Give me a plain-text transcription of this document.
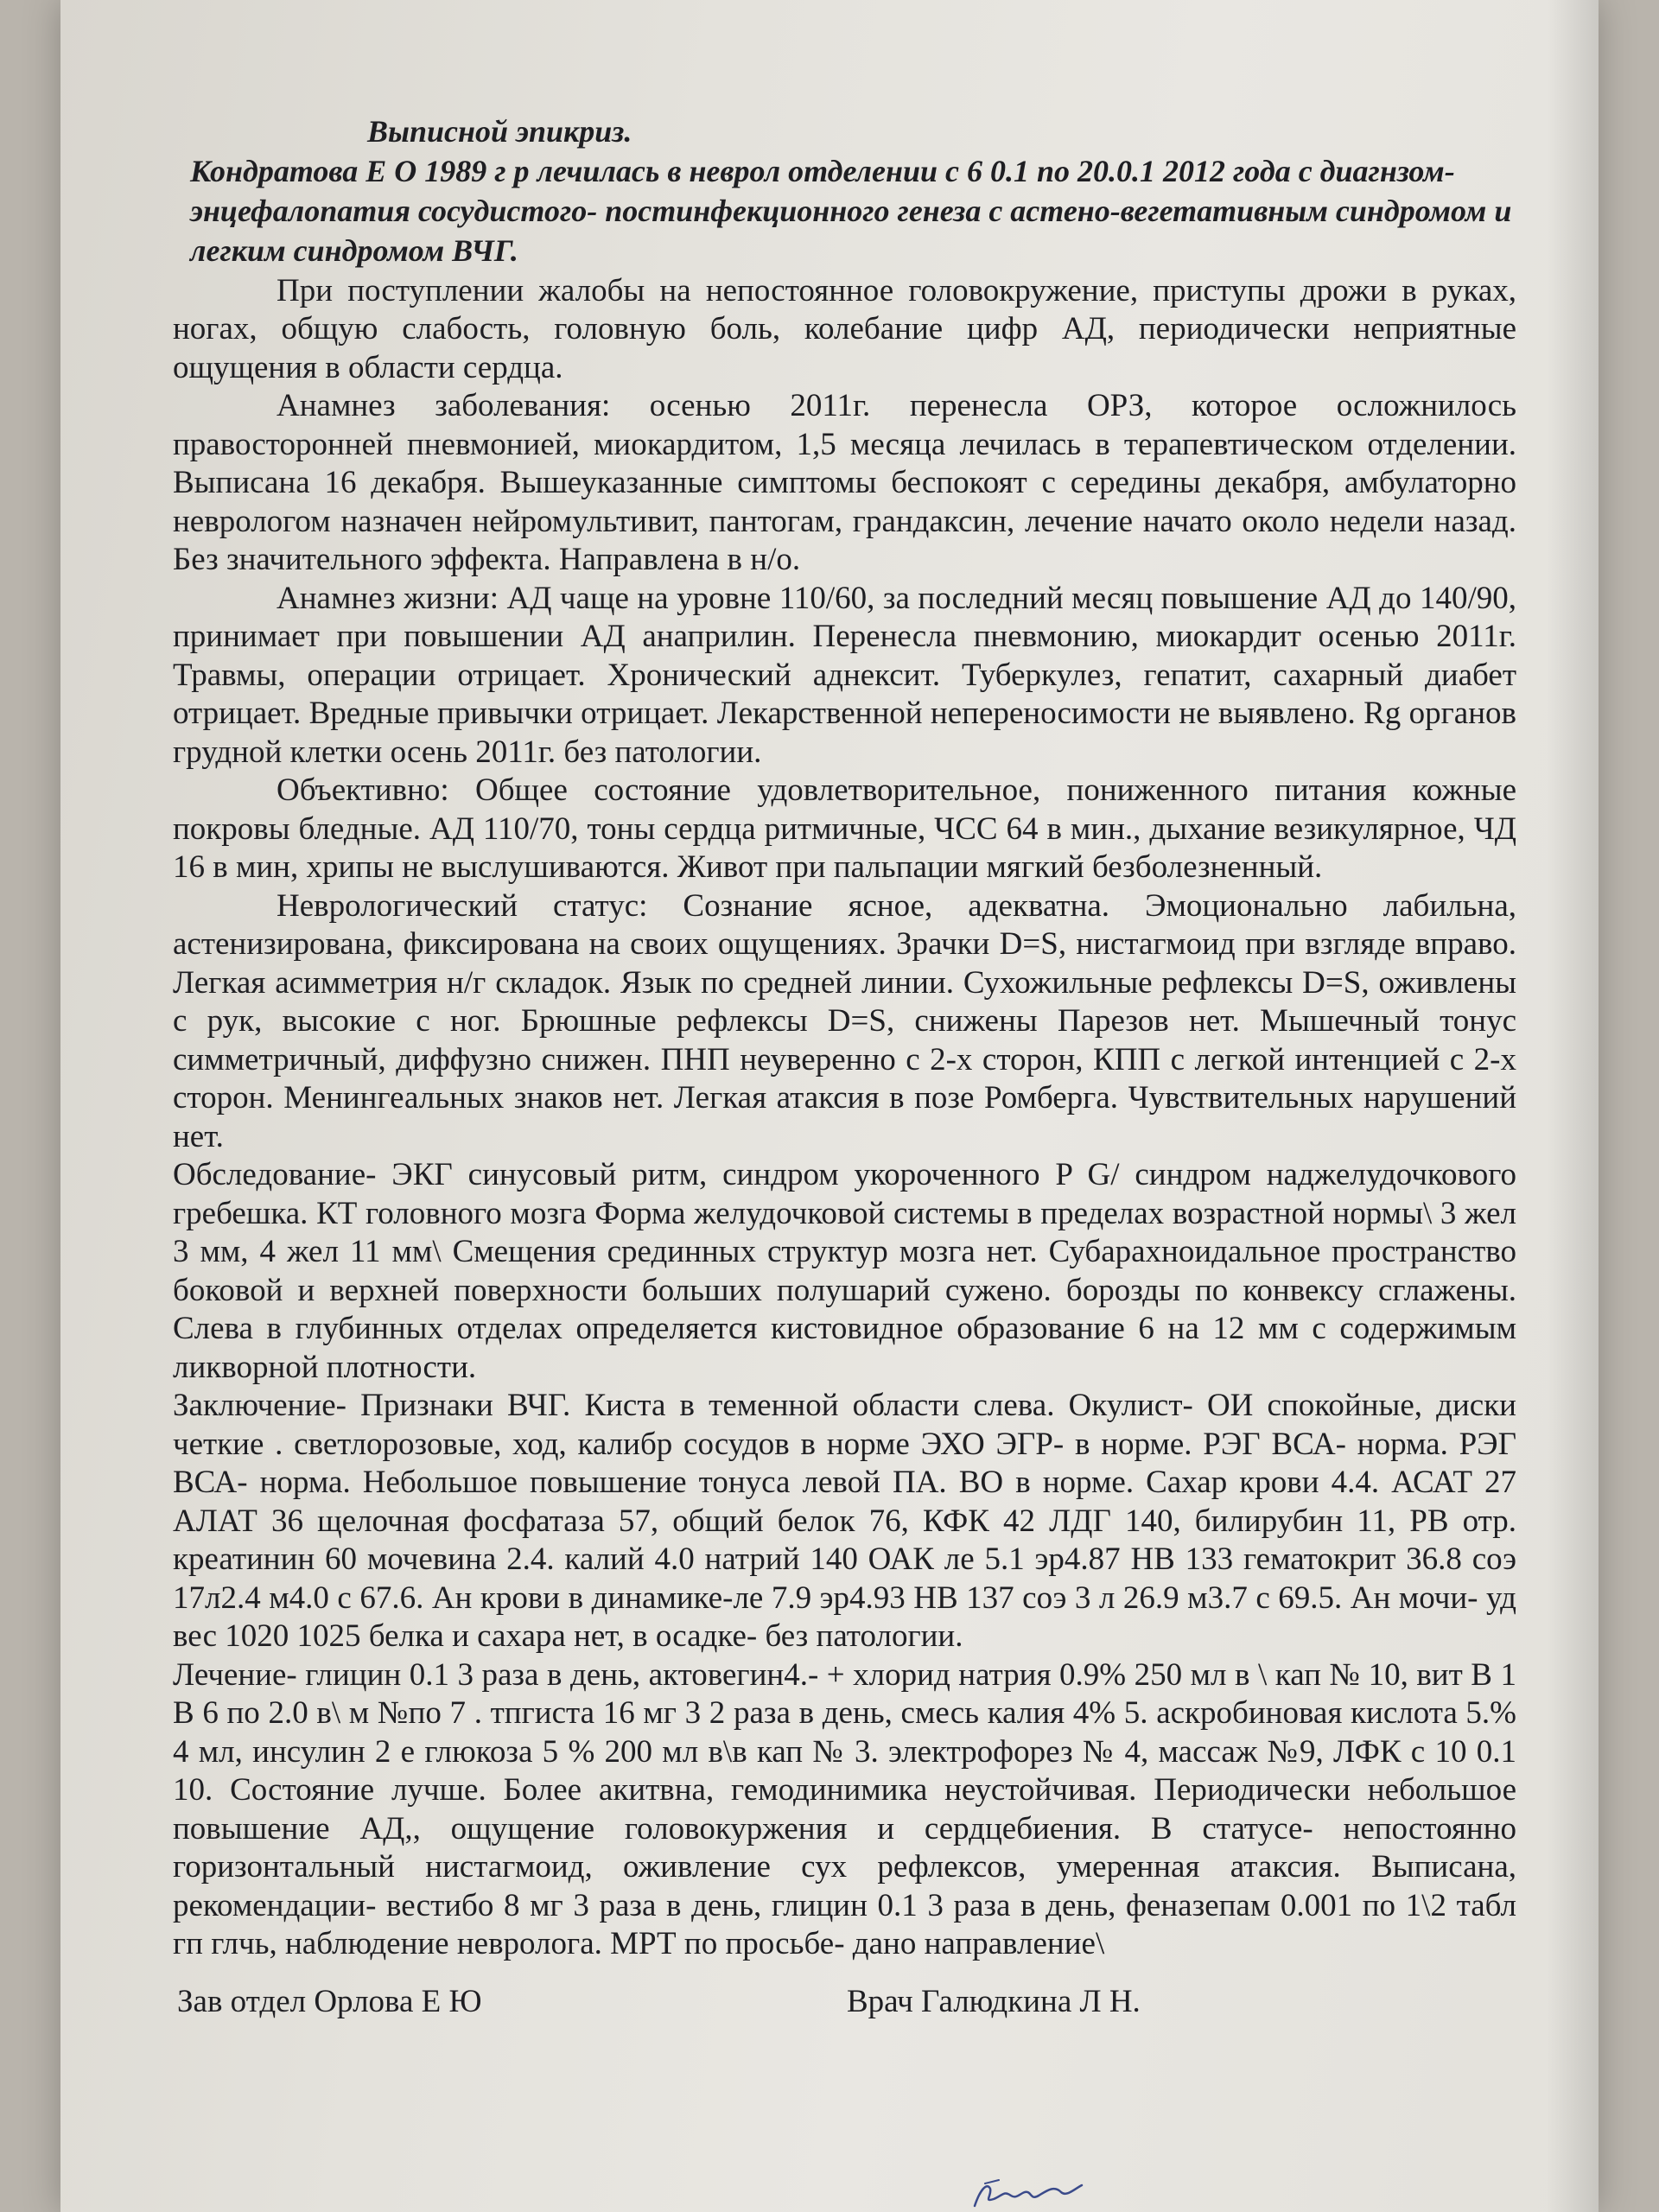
Выписной эпикриз.
Кондратова Е О 1989 г р лечилась в неврол отделении с 6 0.1 по 20.0.1 2012 года с диагнзом- энцефалопатия сосудистого- постинфекционного генеза с астено-вегетативным синдромом и легким синдромом ВЧГ.

При поступлении жалобы на непостоянное головокружение, приступы дрожи в руках, ногах, общую слабость, головную боль, колебание цифр АД, периодически неприятные ощущения в области сердца.

Анамнез заболевания: осенью 2011г. перенесла ОРЗ, которое осложнилось правосторонней пневмонией, миокардитом, 1,5 месяца лечилась в терапевтическом отделении. Выписана 16 декабря. Вышеуказанные симптомы беспокоят с середины декабря, амбулаторно неврологом назначен нейромультивит, пантогам, грандаксин, лечение начато около недели назад. Без значительного эффекта. Направлена в н/о.

Анамнез жизни: АД чаще на уровне 110/60, за последний месяц повышение АД до 140/90, принимает при повышении АД анаприлин. Перенесла пневмонию, миокардит осенью 2011г. Травмы, операции отрицает. Хронический аднексит. Туберкулез, гепатит, сахарный диабет отрицает. Вредные привычки отрицает. Лекарственной непереносимости не выявлено. Rg органов грудной клетки осень 2011г. без патологии.

Объективно: Общее состояние удовлетворительное, пониженного питания кожные покровы бледные. АД 110/70, тоны сердца ритмичные, ЧСС 64 в мин., дыхание везикулярное, ЧД 16 в мин, хрипы не выслушиваются. Живот при пальпации мягкий безболезненный.

Неврологический статус: Сознание ясное, адекватна. Эмоционально лабильна, астенизирована, фиксирована на своих ощущениях. Зрачки D=S, нистагмоид при взгляде вправо. Легкая асимметрия н/г складок. Язык по средней линии. Сухожильные рефлексы D=S, оживлены с рук, высокие с ног. Брюшные рефлексы D=S, снижены Парезов нет. Мышечный тонус симметричный, диффузно снижен. ПНП неуверенно с 2-х сторон, КПП с легкой интенцией с 2-х сторон. Менингеальных знаков нет. Легкая атаксия в позе Ромберга. Чувствительных нарушений нет.

Обследование- ЭКГ синусовый ритм, синдром укороченного P G/ синдром наджелудочкового гребешка. КТ головного мозга Форма желудочковой системы в пределах возрастной нормы\ 3 жел 3 мм, 4 жел 11 мм\ Смещения срединных структур мозга нет. Субарахноидальное пространство боковой и верхней поверхности больших полушарий сужено. борозды по конвексу сглажены. Слева в глубинных отделах определяется кистовидное образование 6 на 12 мм с содержимым ликворной плотности.

Заключение- Признаки ВЧГ. Киста в теменной области слева. Окулист- ОИ спокойные, диски четкие . светлорозовые, ход, калибр сосудов в норме ЭХО ЭГР- в норме. РЭГ ВСА- норма. РЭГ ВСА- норма. Небольшое повышение тонуса левой ПА. ВО в норме. Сахар крови 4.4. АСАТ 27 АЛАТ 36 щелочная фосфатаза 57, общий белок 76, КФК 42 ЛДГ 140, билирубин 11, РВ отр. креатинин 60 мочевина 2.4. калий 4.0 натрий 140 ОАК ле 5.1 эр4.87 НВ 133 гематокрит 36.8 соэ 17л2.4 м4.0 с 67.6. Ан крови в динамике-ле 7.9 эр4.93 НВ 137 соэ 3 л 26.9 м3.7 с 69.5. Ан мочи- уд вес 1020 1025 белка и сахара нет, в осадке- без патологии.

Лечение- глицин 0.1 3 раза в день, актовегин4.- + хлорид натрия 0.9% 250 мл в \ кап № 10, вит В 1 В 6 по 2.0 в\ м №по 7 . тпгиста 16 мг 3 2 раза в день, смесь калия 4% 5. аскробиновая кислота 5.% 4 мл, инсулин 2 е глюкоза 5 % 200 мл в\в кап № 3. электрофорез № 4, массаж №9, ЛФК с 10 0.1 10. Состояние лучше. Более акитвна, гемодинимика неустойчивая. Периодически небольшое повышение АД,, ощущение головокуржения и сердцебиения. В статусе- непостоянно горизонтальный нистагмоид, оживление сух рефлексов, умеренная атаксия. Выписана, рекомендации- вестибо 8 мг 3 раза в день, глицин 0.1 3 раза в день, феназепам 0.001 по 1\2 табл гп глчь, наблюдение невролога. МРТ по просьбе- дано направление\

Зав отдел Орлова Е Ю	Врач Галюдкина Л Н.
